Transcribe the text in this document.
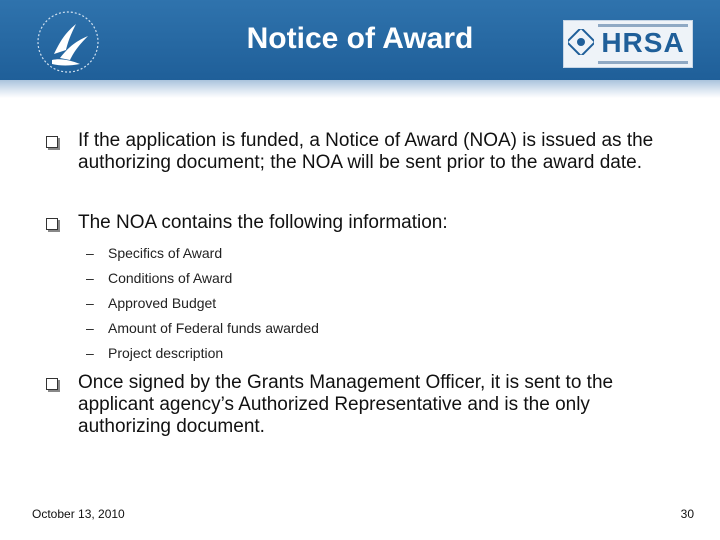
Notice of Award	HRSA
If the application is funded, a Notice of Award (NOA) is issued as the authorizing document; the NOA will be sent prior to the award date.
The NOA contains the following information:
– Specifics of Award
– Conditions of Award
– Approved Budget
– Amount of Federal funds awarded
– Project description
Once signed by the Grants Management Officer, it is sent to the applicant agency’s Authorized Representative and is the only authorizing document.
October 13, 2010	30
